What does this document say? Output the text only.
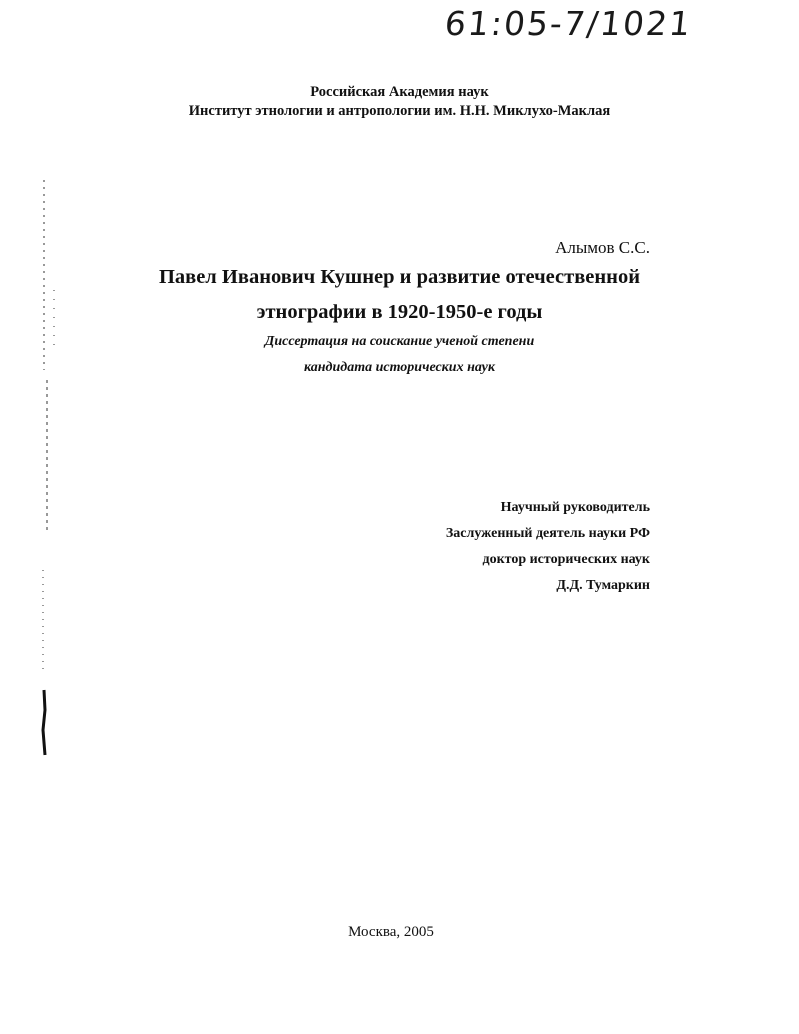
61:05-7/1021
Российская Академия наук
Институт этнологии и антропологии им. Н.Н. Миклухо-Маклая
Алымов С.С.
Павел Иванович Кушнер и развитие отечественной
этнографии в 1920-1950-е годы
Диссертация на соискание ученой степени
кандидата исторических наук
Научный руководитель
Заслуженный деятель науки РФ
доктор исторических наук
Д.Д. Тумаркин
Москва, 2005
